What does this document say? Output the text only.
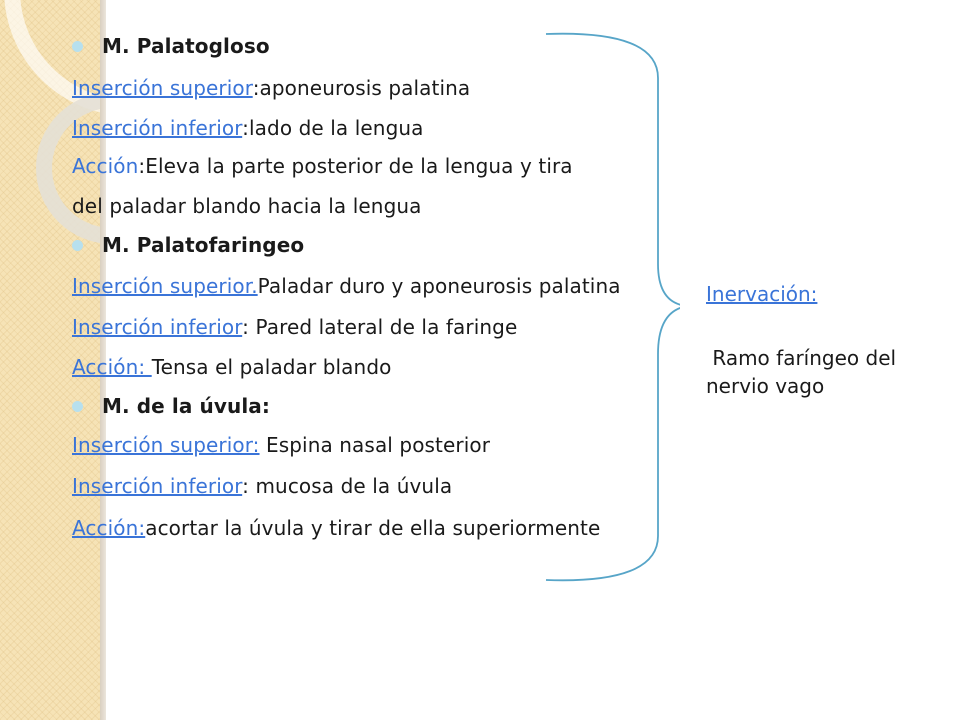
M. Palatogloso
Inserción superior:aponeurosis palatina
Inserción inferior:lado de la lengua
Acción:Eleva la parte posterior de la lengua y tira
del paladar blando hacia la lengua
M. Palatofaringeo
Inserción superior.Paladar duro y aponeurosis palatina
Inserción inferior: Pared lateral de la faringe
Acción: Tensa el paladar blando
M. de la úvula:
Inserción superior: Espina nasal posterior
Inserción inferior: mucosa de la úvula
Acción:acortar la úvula y tirar de ella superiormente
Inervación:
Ramo faríngeo del nervio vago
